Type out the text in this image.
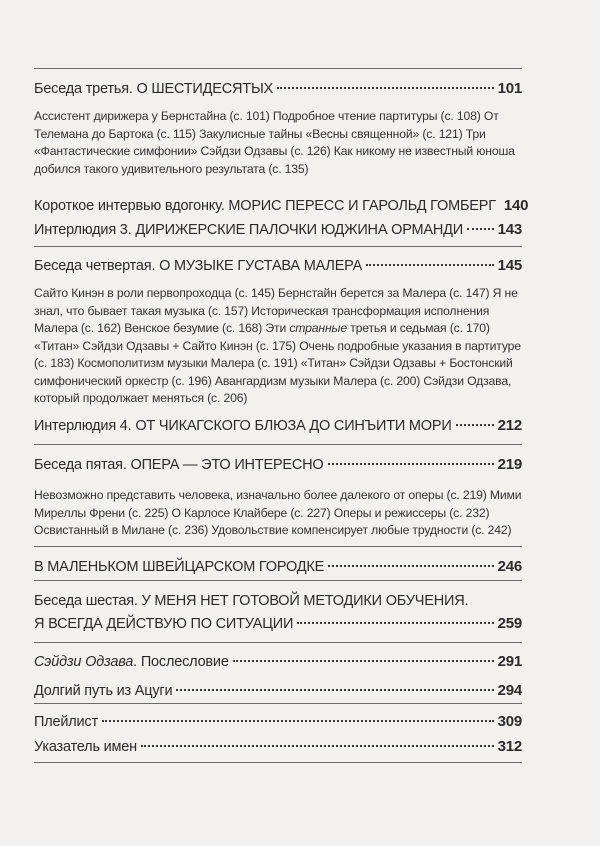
Беседа третья. О ШЕСТИДЕСЯТЫХ	101
Ассистент дирижера у Бернстайна (с. 101) Подробное чтение партитуры (с. 108) От Телемана до Бартока (с. 115) Закулисные тайны «Весны священной» (с. 121) Три «Фантастические симфонии» Сэйдзи Одзавы (с. 126) Как никому не известный юноша добился такого удивительного результата (с. 135)
Короткое интервью вдогонку. МОРИС ПЕРЕСС И ГАРОЛЬД ГОМБЕРГ 140
Интерлюдия 3. ДИРИЖЕРСКИЕ ПАЛОЧКИ ЮДЖИНА ОРМАНДИ 143
Беседа четвертая. О МУЗЫКЕ ГУСТАВА МАЛЕРА	145
Сайто Кинэн в роли первопроходца (с. 145) Бернстайн берется за Малера (с. 147) Я не знал, что бывает такая музыка (с. 157) Историческая трансформация исполнения Малера (с. 162) Венское безумие (с. 168) Эти странные третья и седьмая (с. 170) «Титан» Сэйдзи Одзавы + Сайто Кинэн (с. 175) Очень подробные указания в партитуре (с. 183) Космополитизм музыки Малера (с. 191) «Титан» Сэйдзи Одзавы + Бостонский симфонический оркестр (с. 196) Авангардизм музыки Малера (с. 200) Сэйдзи Одзава, который продолжает меняться (с. 206)
Интерлюдия 4. ОТ ЧИКАГСКОГО БЛЮЗА ДО СИНЪИТИ МОРИ	212
Беседа пятая. ОПЕРА — ЭТО ИНТЕРЕСНО	219
Невозможно представить человека, изначально более далекого от оперы (с. 219) Мими Миреллы Френи (с. 225) О Карлосе Клайбере (с. 227) Оперы и режиссеры (с. 232) Освистанный в Милане (с. 236) Удовольствие компенсирует любые трудности (с. 242)
В МАЛЕНЬКОМ ШВЕЙЦАРСКОМ ГОРОДКЕ	246
Беседа шестая. У МЕНЯ НЕТ ГОТОВОЙ МЕТОДИКИ ОБУЧЕНИЯ.
Я ВСЕГДА ДЕЙСТВУЮ ПО СИТУАЦИИ	259
Сэйдзи Одзава. Послесловие	291
Долгий путь из Ацуги	294
Плейлист	309
Указатель имен	312
